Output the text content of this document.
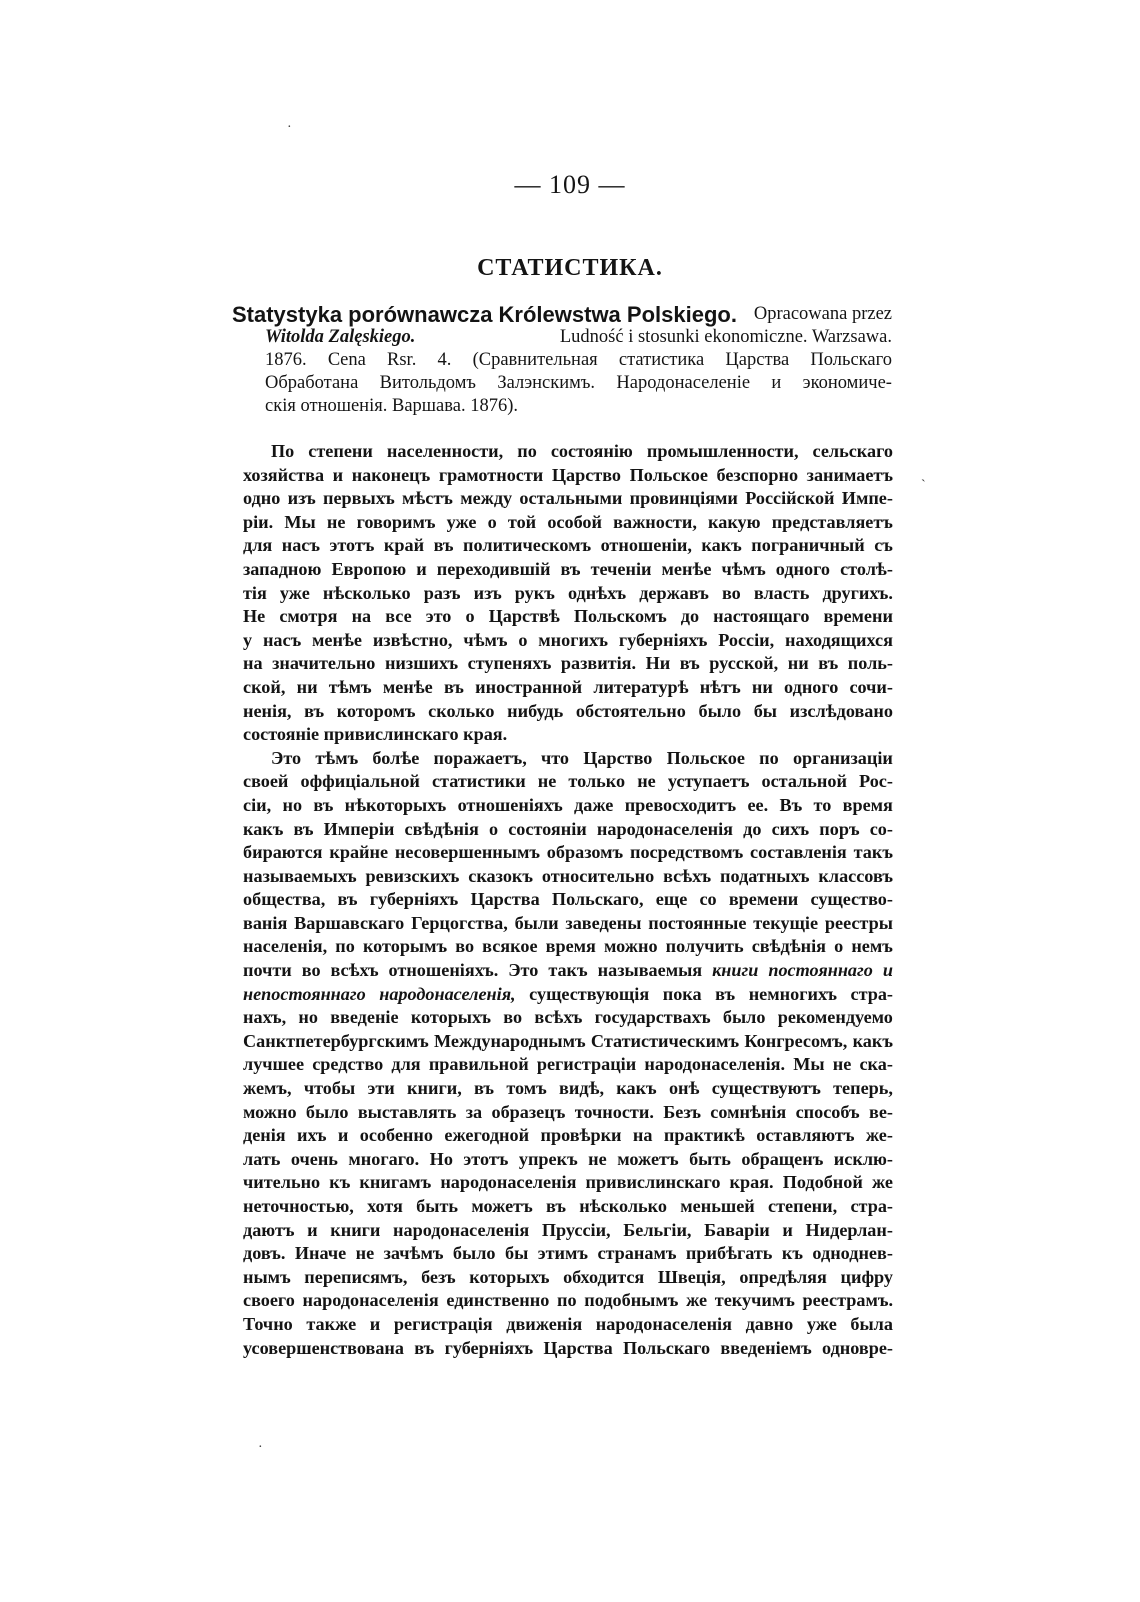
— 109 —
СТАТИСТИКА.
Statystyka porównawcza Królewstwa Polskiego. Opracowana przez
Witolda Zalęskiego.	Ludność i stosunki ekonomiczne. Warzsawa.
1876. Cena Rsr. 4. (Сравнительная статистика Царства Польскаго
Обработана Витольдомъ Залэнскимъ. Народонаселеніе и экономиче-
скія отношенія. Варшава. 1876).
По степени населенности, по состоянію промышленности, сельскаго
хозяйства и наконецъ грамотности Царство Польское безспорно занимаетъ
одно изъ первыхъ мѣстъ между остальными провинціями Россійской Импе-
ріи. Мы не говоримъ уже о той особой важности, какую представляетъ
для насъ этотъ край въ политическомъ отношеніи, какъ пограничный съ
западною Европою и переходившій въ теченіи менѣе чѣмъ одного столѣ-
тія уже нѣсколько разъ изъ рукъ однѣхъ державъ во власть другихъ.
Не смотря на все это о Царствѣ Польскомъ до настоящаго времени
у насъ менѣе извѣстно, чѣмъ о многихъ губерніяхъ Россіи, находящихся
на значительно низшихъ ступеняхъ развитія. Ни въ русской, ни въ поль-
ской, ни тѣмъ менѣе въ иностранной литературѣ нѣтъ ни одного сочи-
ненія, въ которомъ сколько нибудь обстоятельно было бы изслѣдовано
состояніе привислинскаго края.
Это тѣмъ болѣе поражаетъ, что Царство Польское по организаціи
своей оффиціальной статистики не только не уступаетъ остальной Рос-
сіи, но въ нѣкоторыхъ отношеніяхъ даже превосходитъ ее. Въ то время
какъ въ Имперіи свѣдѣнія о состояніи народонаселенія до сихъ поръ со-
бираются крайне несовершеннымъ образомъ посредствомъ составленія такъ
называемыхъ ревизскихъ сказокъ относительно всѣхъ податныхъ классовъ
общества, въ губерніяхъ Царства Польскаго, еще со времени существо-
ванія Варшавскаго Герцогства, были заведены постоянные текущіе реестры
населенія, по которымъ во всякое время можно получить свѣдѣнія о немъ
почти во всѣхъ отношеніяхъ. Это такъ называемыя книги постояннаго и
непостояннаго народонаселенія, существующія пока въ немногихъ стра-
нахъ, но введеніе которыхъ во всѣхъ государствахъ было рекомендуемо
Санктпетербургскимъ Международнымъ Статистическимъ Конгресомъ, какъ
лучшее средство для правильной регистраціи народонаселенія. Мы не ска-
жемъ, чтобы эти книги, въ томъ видѣ, какъ онѣ существуютъ теперь,
можно было выставлять за образецъ точности. Безъ сомнѣнія способъ ве-
денія ихъ и особенно ежегодной провѣрки на практикѣ оставляютъ же-
лать очень многаго. Но этотъ упрекъ не можетъ быть обращенъ исклю-
чительно къ книгамъ народонаселенія привислинскаго края. Подобной же
неточностью, хотя быть можетъ въ нѣсколько меньшей степени, стра-
даютъ и книги народонаселенія Пруссіи, Бельгіи, Баваріи и Нидерлан-
довъ. Иначе не зачѣмъ было бы этимъ странамъ прибѣгать къ одноднев-
нымъ переписямъ, безъ которыхъ обходится Швеція, опредѣляя цифру
своего народонаселенія единственно по подобнымъ же текучимъ реестрамъ.
Точно также и регистрація движенія народонаселенія давно уже была
усовершенствована въ губерніяхъ Царства Польскаго введеніемъ одновре-
`
·
·
